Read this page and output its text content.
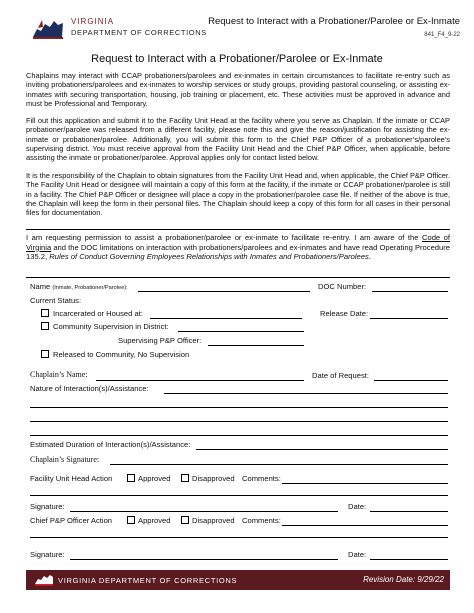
VIRGINIA
DEPARTMENT OF CORRECTIONS
Request to Interact with a Probationer/Parolee or Ex-Inmate
841_F4_9-22
Request to Interact with a Probationer/Parolee or Ex-Inmate
Chaplains may interact with CCAP probationers/parolees and ex-inmates in certain circumstances to facilitate re-entry such as inviting probationers/parolees and ex-inmates to worship services or study groups, providing pastoral counseling, or assisting ex-inmates with securing transportation, housing, job training or placement, etc. These activities must be approved in advance and must be Professional and Temporary.
Fill out this application and submit it to the Facility Unit Head at the facility where you serve as Chaplain. If the inmate or CCAP probationer/parolee was released from a different facility, please note this and give the reason/justification for assisting the ex-inmate or probationer/parolee. Additionally, you will submit this form to the Chief P&P Officer of a probationer’s/parolee’s supervising district. You must receive approval from the Facility Unit Head and the Chief P&P Officer, when applicable, before assisting the inmate or probationer/parolee. Approval applies only for contact listed below.
It is the responsibility of the Chaplain to obtain signatures from the Facility Unit Head and, when applicable, the Chief P&P Officer. The Facility Unit Head or designee will maintain a copy of this form at the facility, if the inmate or CCAP probationer/parolee is still in a facility. The Chief P&P Officer or designee will place a copy in the probationer/parolee case file. If neither of the above is true, the Chaplain will keep the form in their personal files. The Chaplain should keep a copy of this form for all cases in their personal files for documentation.
I am requesting permission to assist a probationer/parolee or ex-inmate to facilitate re-entry. I am aware of the Code of Virginia and the DOC limitations on interaction with probationers/parolees and ex-inmates and have read Operating Procedure 135.2, Rules of Conduct Governing Employees Relationships with Inmates and Probationers/Parolees.
Name (Inmate, Probationer/Parolee):	DOC Number:
Current Status:
Incarcerated or Housed at:	Release Date:
Community Supervision in District:
Supervising P&P Officer:
Released to Community, No Supervision
Chaplain’s Name:	Date of Request:
Nature of Interaction(s)/Assistance:
Estimated Duration of Interaction(s)/Assistance:
Chaplain’s Signature:
Facility Unit Head Action	Approved	Disapproved Comments:
Signature:	Date:
Chief P&P Officer Action	Approved	Disapproved Comments:
Signature:	Date:
VIRGINIA DEPARTMENT OF CORRECTIONS	Revision Date: 9/29/22
